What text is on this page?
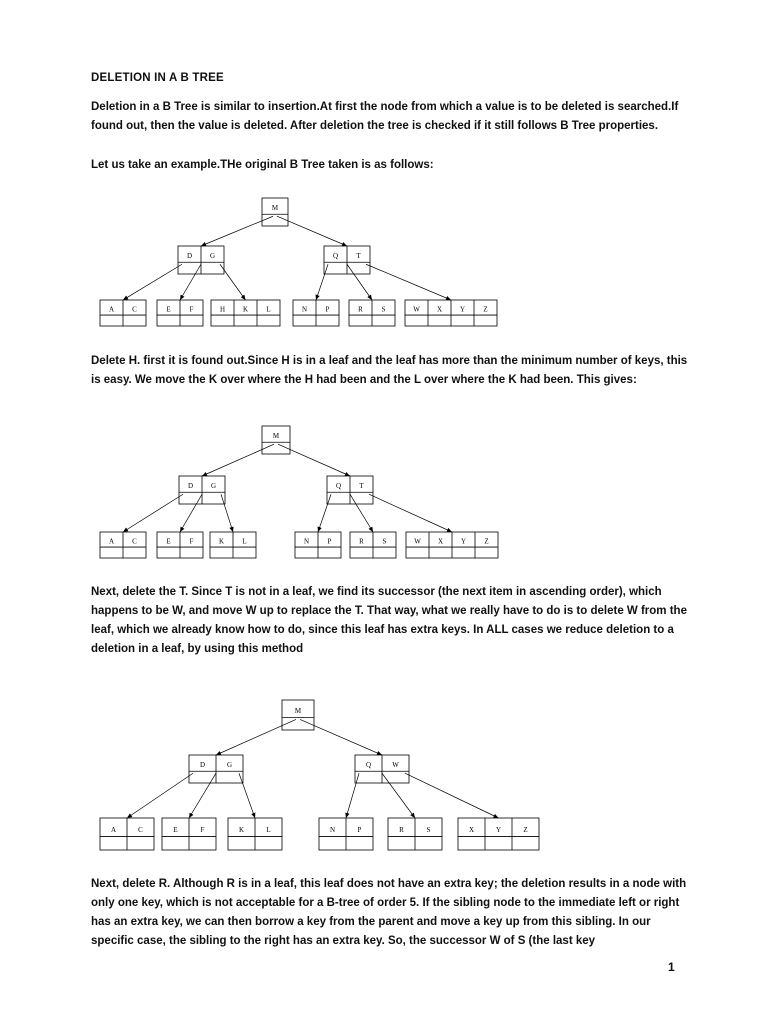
DELETION IN A B TREE

Deletion in a B Tree is similar to insertion.At first the node from which a value is to be deleted is searched.If found out, then the value is deleted. After deletion the tree is checked if it still follows B Tree properties.

Let us take an example.THe original B Tree taken is as follows:

M
D	G	Q	T
A	C	E	F	H	K	L	N	P	R	S	W X	Y	Z

Delete H. first it is found out.Since H is in a leaf and the leaf has more than the minimum number of keys, this is easy. We move the K over where the H had been and the L over where the K had been. This gives:

M
D	G	Q	T
A	C	E	F	K	L	N	P	R	S	W X	Y	Z

Next, delete the T. Since T is not in a leaf, we find its successor (the next item in ascending order), which happens to be W, and move W up to replace the T. That way, what we really have to do is to delete W from the leaf, which we already know how to do, since this leaf has extra keys. In ALL cases we reduce deletion to a deletion in a leaf, by using this method

M
D	G	Q	W
A	C	E	F	K	L	N	P	R	S	X	Y	Z

Next, delete R. Although R is in a leaf, this leaf does not have an extra key; the deletion results in a node with only one key, which is not acceptable for a B-tree of order 5. If the sibling node to the immediate left or right has an extra key, we can then borrow a key from the parent and move a key up from this sibling. In our specific case, the sibling to the right has an extra key. So, the successor W of S (the last key

1
